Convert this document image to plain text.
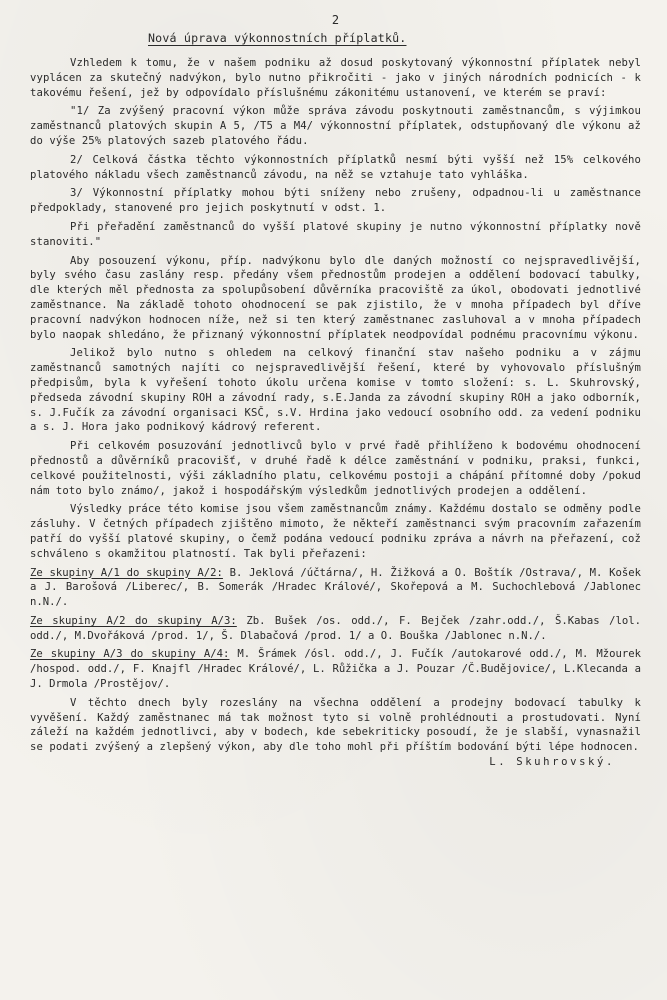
2

Nová úprava výkonnostních příplatků.

Vzhledem k tomu, že v našem podniku až dosud poskytovaný výkonnostní příplatek nebyl vyplácen za skutečný nadvýkon, bylo nutno přikročiti - jako v jiných národních podnicích - k takovému řešení, jež by odpovídalo příslušnému zákonitému ustanovení, ve kterém se praví:

"1/ Za zvýšený pracovní výkon může správa závodu poskytnouti zaměstnancům, s výjimkou zaměstnanců platových skupin A 5, /T5 a M4/ výkonnostní příplatek, odstupňovaný dle výkonu až do výše 25% platových sazeb platového řádu.

2/ Celková částka těchto výkonnostních příplatků nesmí býti vyšší než 15% celkového platového nákladu všech zaměstnanců závodu, na něž se vztahuje tato vyhláška.

3/ Výkonnostní příplatky mohou býti sníženy nebo zrušeny, odpadnou-li u zaměstnance předpoklady, stanovené pro jejich poskytnutí v odst. 1.

Při přeřadění zaměstnanců do vyšší platové skupiny je nutno výkonnostní příplatky nově stanoviti."

Aby posouzení výkonu, příp. nadvýkonu bylo dle daných možností co nejspravedlivější, byly svého času zaslány resp. předány všem přednostům prodejen a oddělení bodovací tabulky, dle kterých měl přednosta za spolupůsobení důvěrníka pracoviště za úkol, obodovati jednotlivé zaměstnance. Na základě tohoto ohodnocení se pak zjistilo, že v mnoha případech byl dříve pracovní nadvýkon hodnocen níže, než si ten který zaměstnanec zasluhoval a v mnoha případech bylo naopak shledáno, že přiznaný výkonnostní příplatek neodpovídal podnému pracovnímu výkonu.

Jelikož bylo nutno s ohledem na celkový finanční stav našeho podniku a v zájmu zaměstnanců samotných najíti co nejspravedlivější řešení, které by vyhovovalo příslušným předpisům, byla k vyřešení tohoto úkolu určena komise v tomto složení: s. L. Skuhrovský, předseda závodní skupiny ROH a závodní rady, s.E.Janda za závodní skupiny ROH a jako odborník, s. J.Fučík za závodní organisaci KSČ, s.V. Hrdina jako vedoucí osobního odd. za vedení podniku a s. J. Hora jako podnikový kádrový referent.

Při celkovém posuzování jednotlivců bylo v prvé řadě přihlíženo k bodovému ohodnocení přednostů a důvěrníků pracovišť, v druhé řadě k délce zaměstnání v podniku, praksi, funkci, celkové použitelnosti, výši základního platu, celkovému postoji a chápání přítomné doby /pokud nám toto bylo známo/, jakož i hospodářským výsledkům jednotlivých prodejen a oddělení.

Výsledky práce této komise jsou všem zaměstnancům známy. Každému dostalo se odměny podle zásluhy. V četných případech zjištěno mimoto, že někteří zaměstnanci svým pracovním zařazením patří do vyšší platové skupiny, o čemž podána vedoucí podniku zpráva a návrh na přeřazení, což schváleno s okamžitou platností. Tak byli přeřazeni:

Ze skupiny A/1 do skupiny A/2: B. Jeklová /účtárna/, H. Žižková a O. Boštík /Ostrava/, M. Košek a J. Barošová /Liberec/, B. Somerák /Hradec Králové/, Skořepová a M. Suchochlebová /Jablonec n.N./.

Ze skupiny A/2 do skupiny A/3: Zb. Bušek /os. odd./, F. Bejček /zahr.odd./, Š.Kabas /lol. odd./, M.Dvořáková /prod. 1/, Š. Dlabačová /prod. 1/ a O. Bouška /Jablonec n.N./.

Ze skupiny A/3 do skupiny A/4: M. Šrámek /ósl. odd./, J. Fučík /autokarové odd./, M. Mžourek /hospod. odd./, F. Knajfl /Hradec Králové/, L. Růžička a J. Pouzar /Č.Budějovice/, L.Klecanda a J. Drmola /Prostějov/.

V těchto dnech byly rozeslány na všechna oddělení a prodejny bodovací tabulky k vyvěšení. Každý zaměstnanec má tak možnost tyto si volně prohlédnouti a prostudovati. Nyní záleží na každém jednotlivci, aby v bodech, kde sebekriticky posoudí, že je slabší, vynasnažil se podati zvýšený a zlepšený výkon, aby dle toho mohl při příštím bodování býti lépe hodnocen.
L. Skuhrovský.
